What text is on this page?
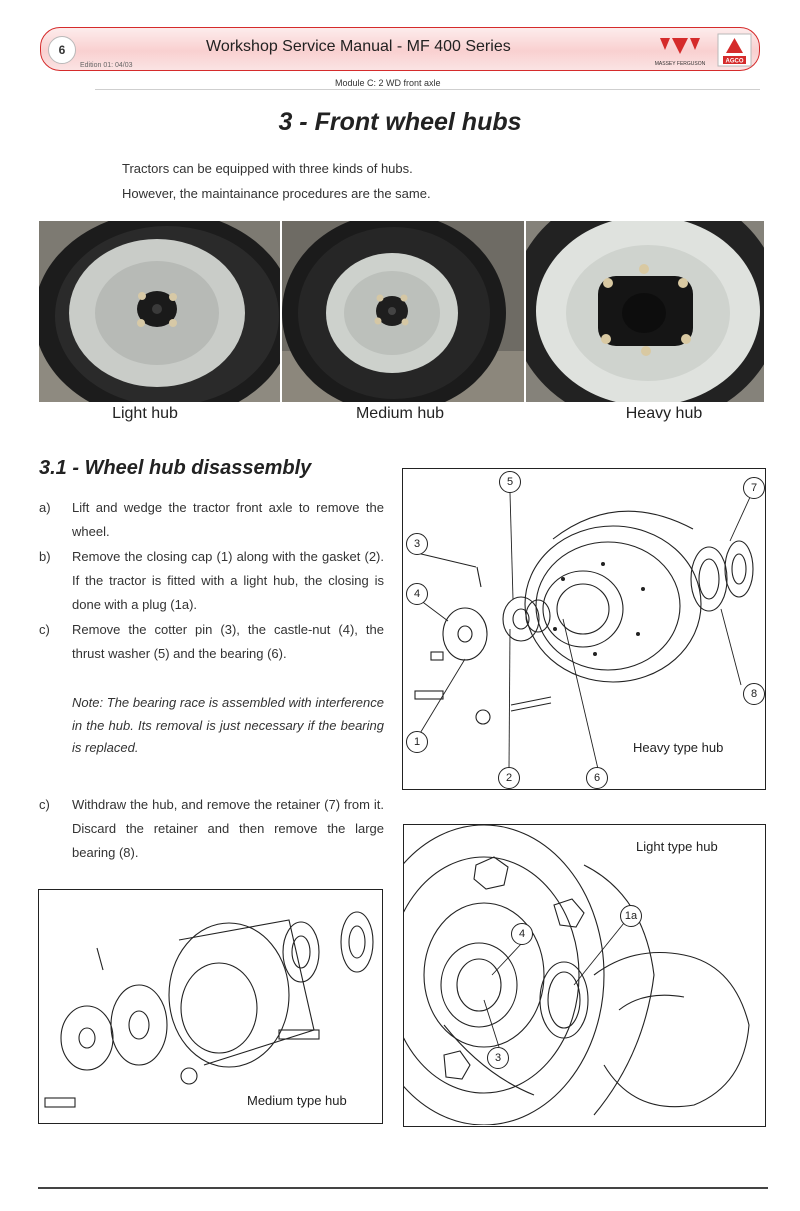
6
Edition 01: 04/03
Workshop Service Manual - MF 400 Series
MASSEY FERGUSON	AGCO
Module C: 2 WD front axle
3 - Front wheel hubs
Tractors can be equipped with three kinds of hubs.
However, the maintainance procedures are the same.
Light hub	Medium hub	Heavy hub
3.1 - Wheel hub disassembly
a) Lift and wedge the tractor front axle to remove the wheel.
b) Remove the closing cap (1) along with the gasket (2). If the tractor is fitted with a light hub, the closing is done with a plug (1a).
c) Remove the cotter pin (3), the castle-nut (4), the thrust washer (5) and the bearing (6).
Note: The bearing race is assembled with interference in the hub. Its removal is just necessary if the bearing is replaced.
c) Withdraw the hub, and remove the retainer (7) from it. Discard the retainer and then remove the large bearing (8).
5	7
3
4
8
1
2	6
Heavy type hub
Medium type hub
1a
4
3
Light type hub
